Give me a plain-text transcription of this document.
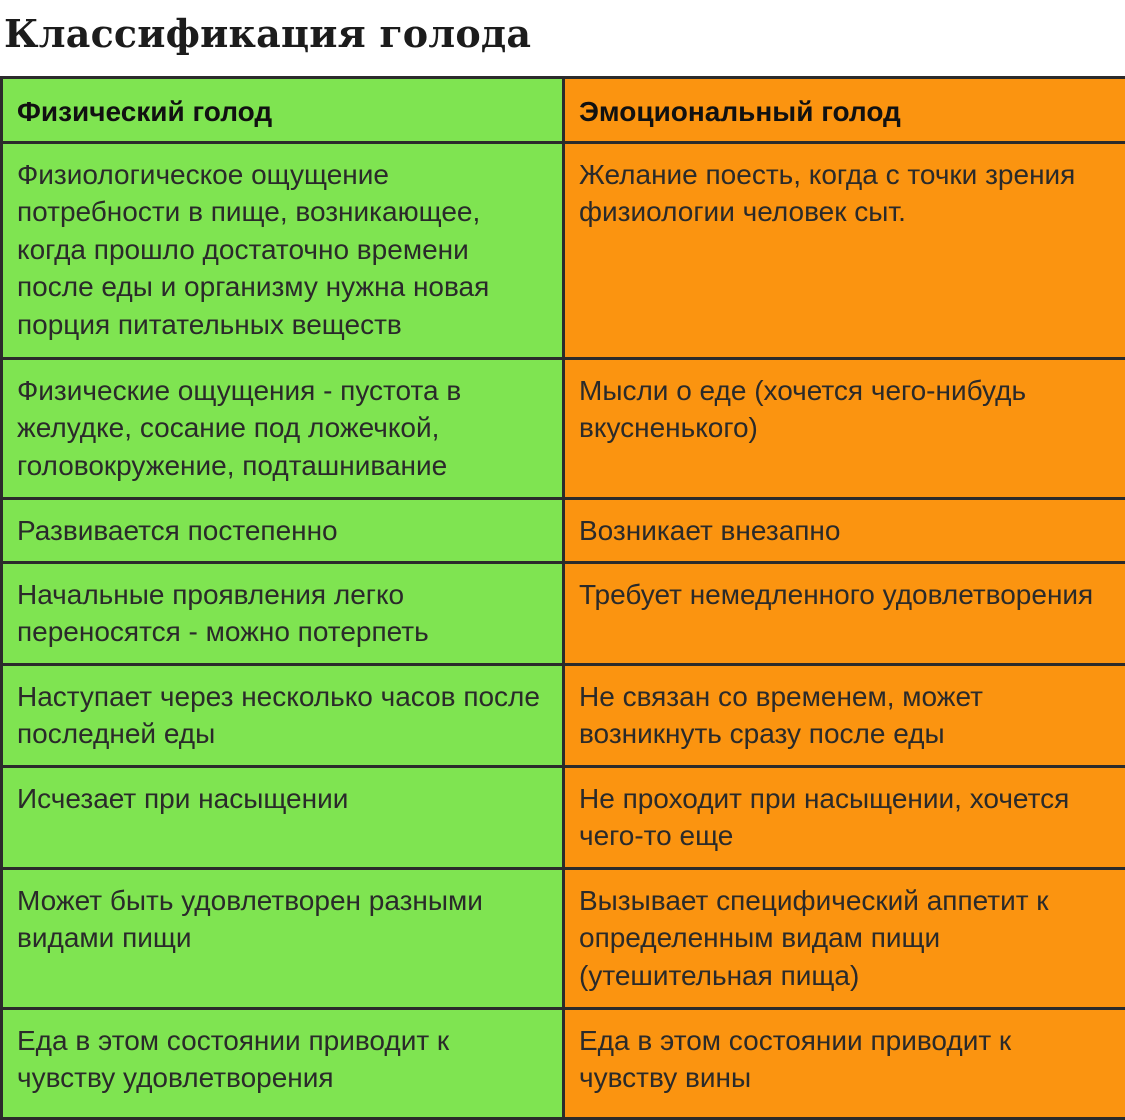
Классификация голода
Физический голод	Эмоциональный голод
Физиологическое ощущение потребности в пище, возникающее, когда прошло достаточно времени после еды и организму нужна новая порция питательных веществ	Желание поесть, когда с точки зрения физиологии человек сыт.
Физические ощущения - пустота в желудке, сосание под ложечкой, головокружение, подташнивание	Мысли о еде (хочется чего-нибудь вкусненького)
Развивается постепенно	Возникает внезапно
Начальные проявления легко переносятся - можно потерпеть	Требует немедленного удовлетворения
Наступает через несколько часов после последней еды	Не связан со временем, может возникнуть сразу после еды
Исчезает при насыщении	Не проходит при насыщении, хочется чего-то еще
Может быть удовлетворен разными видами пищи	Вызывает специфический аппетит к определенным видам пищи (утешительная пища)
Еда в этом состоянии приводит к чувству удовлетворения	Еда в этом состоянии приводит к чувству вины
